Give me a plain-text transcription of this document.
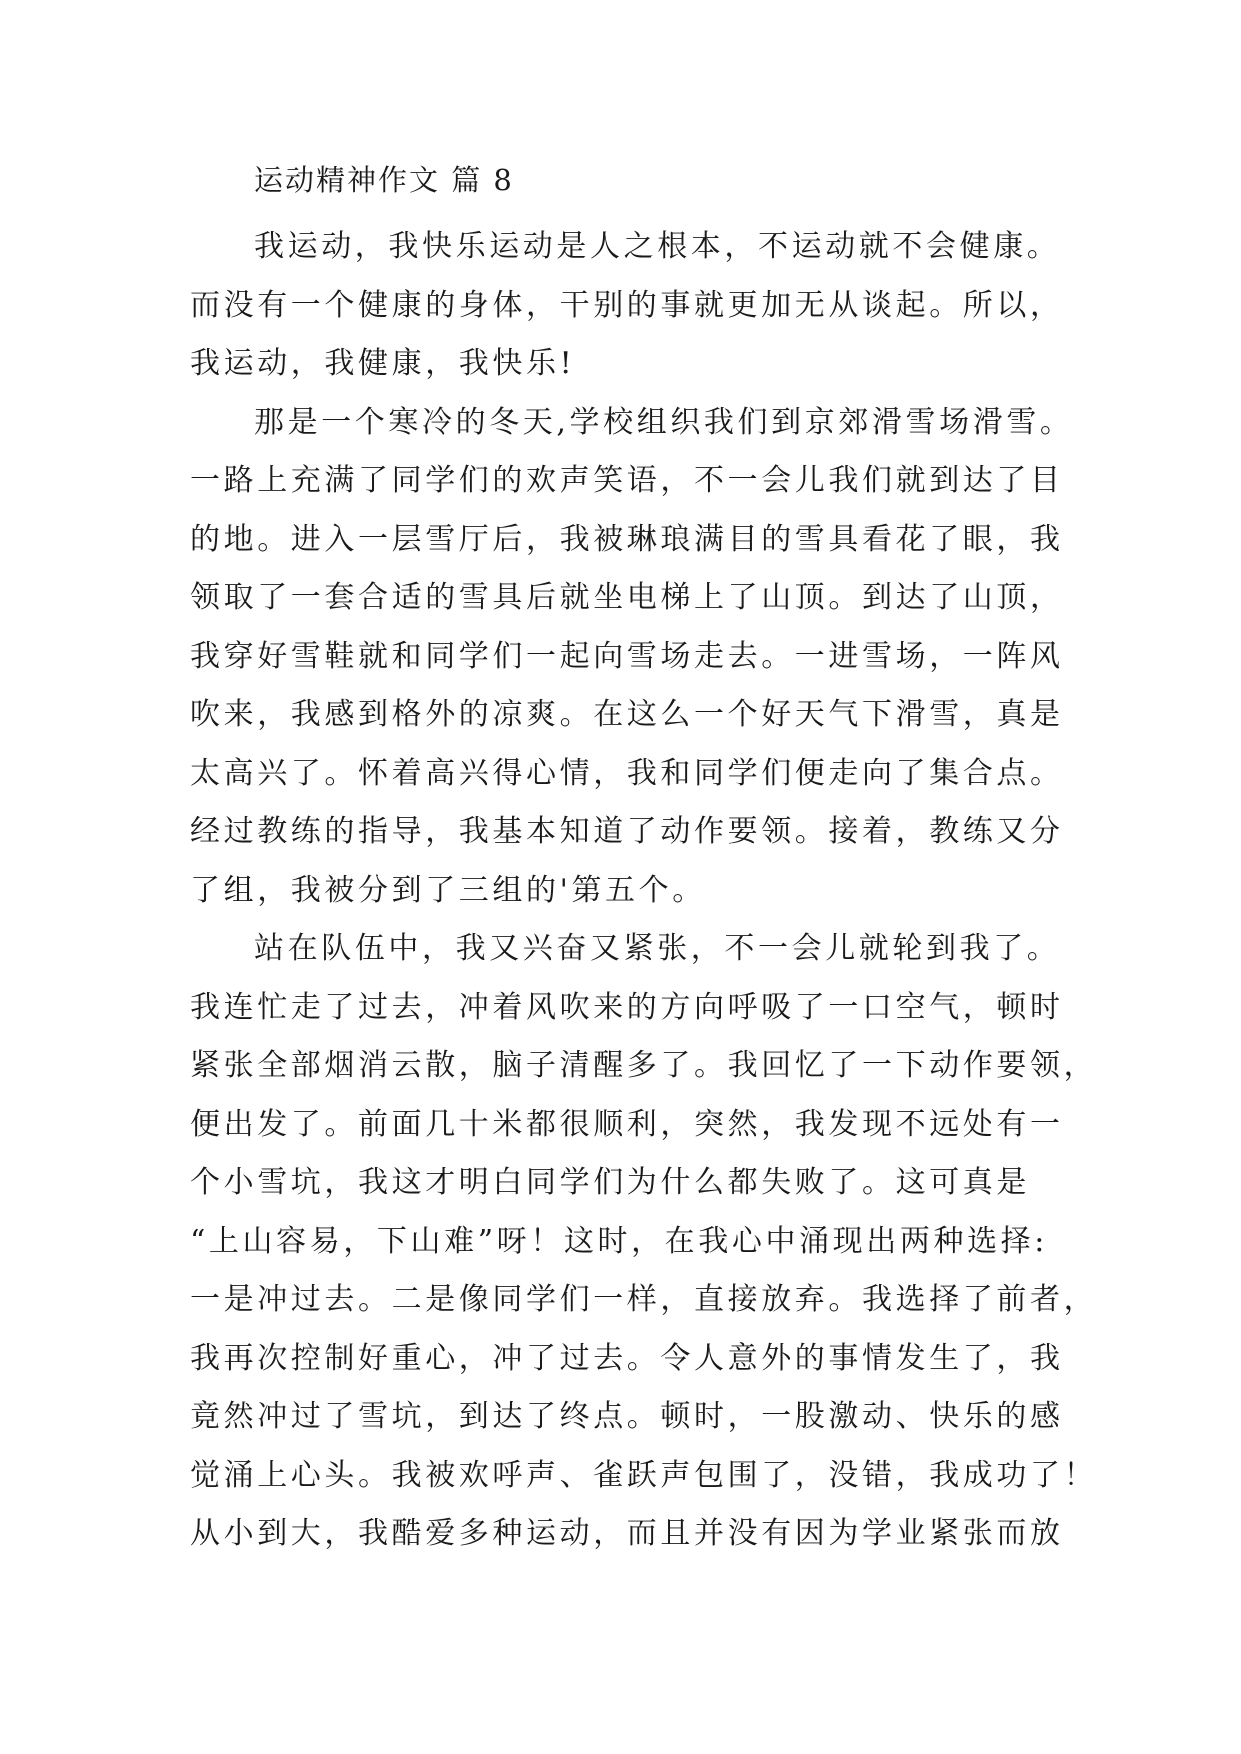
运动精神作文 篇 8
我运动，我快乐运动是人之根本，不运动就不会健康。
而没有一个健康的身体，干别的事就更加无从谈起。所以，
我运动，我健康，我快乐!
那是一个寒冷的冬天,学校组织我们到京郊滑雪场滑雪。
一路上充满了同学们的欢声笑语，不一会儿我们就到达了目
的地。进入一层雪厅后，我被琳琅满目的雪具看花了眼，我
领取了一套合适的雪具后就坐电梯上了山顶。到达了山顶，
我穿好雪鞋就和同学们一起向雪场走去。一进雪场，一阵风
吹来，我感到格外的凉爽。在这么一个好天气下滑雪，真是
太高兴了。怀着高兴得心情，我和同学们便走向了集合点。
经过教练的指导，我基本知道了动作要领。接着，教练又分
了组，我被分到了三组的'第五个。
站在队伍中，我又兴奋又紧张，不一会儿就轮到我了。
我连忙走了过去，冲着风吹来的方向呼吸了一口空气，顿时
紧张全部烟消云散，脑子清醒多了。我回忆了一下动作要领，
便出发了。前面几十米都很顺利，突然，我发现不远处有一
个小雪坑，我这才明白同学们为什么都失败了。这可真是
“上山容易，下山难”呀！这时，在我心中涌现出两种选择:
一是冲过去。二是像同学们一样，直接放弃。我选择了前者，
我再次控制好重心，冲了过去。令人意外的事情发生了，我
竟然冲过了雪坑，到达了终点。顿时，一股激动、快乐的感
觉涌上心头。我被欢呼声、雀跃声包围了，没错，我成功了！
从小到大，我酷爱多种运动，而且并没有因为学业紧张而放
